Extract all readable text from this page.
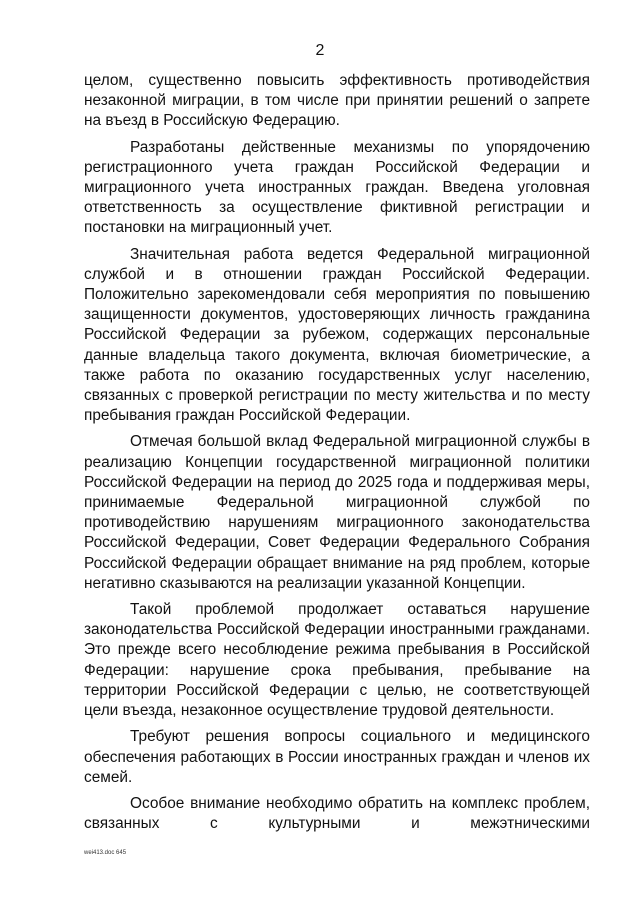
2

целом, существенно повысить эффективность противодействия незаконной миграции, в том числе при принятии решений о запрете на въезд в Российскую Федерацию.

Разработаны действенные механизмы по упорядочению регистрационного учета граждан Российской Федерации и миграционного учета иностранных граждан. Введена уголовная ответственность за осуществление фиктивной регистрации и постановки на миграционный учет.

Значительная работа ведется Федеральной миграционной службой и в отношении граждан Российской Федерации. Положительно зарекомендовали себя мероприятия по повышению защищенности документов, удостоверяющих личность гражданина Российской Федерации за рубежом, содержащих персональные данные владельца такого документа, включая биометрические, а также работа по оказанию государственных услуг населению, связанных с проверкой регистрации по месту жительства и по месту пребывания граждан Российской Федерации.

Отмечая большой вклад Федеральной миграционной службы в реализацию Концепции государственной миграционной политики Российской Федерации на период до 2025 года и поддерживая меры, принимаемые Федеральной миграционной службой по противодействию нарушениям миграционного законодательства Российской Федерации, Совет Федерации Федерального Собрания Российской Федерации обращает внимание на ряд проблем, которые негативно сказываются на реализации указанной Концепции.

Такой проблемой продолжает оставаться нарушение законодательства Российской Федерации иностранными гражданами. Это прежде всего несоблюдение режима пребывания в Российской Федерации: нарушение срока пребывания, пребывание на территории Российской Федерации с целью, не соответствующей цели въезда, незаконное осуществление трудовой деятельности.

Требуют решения вопросы социального и медицинского обеспечения работающих в России иностранных граждан и членов их семей.

Особое внимание необходимо обратить на комплекс проблем, связанных с культурными и межэтническими

wei413.doc 645
